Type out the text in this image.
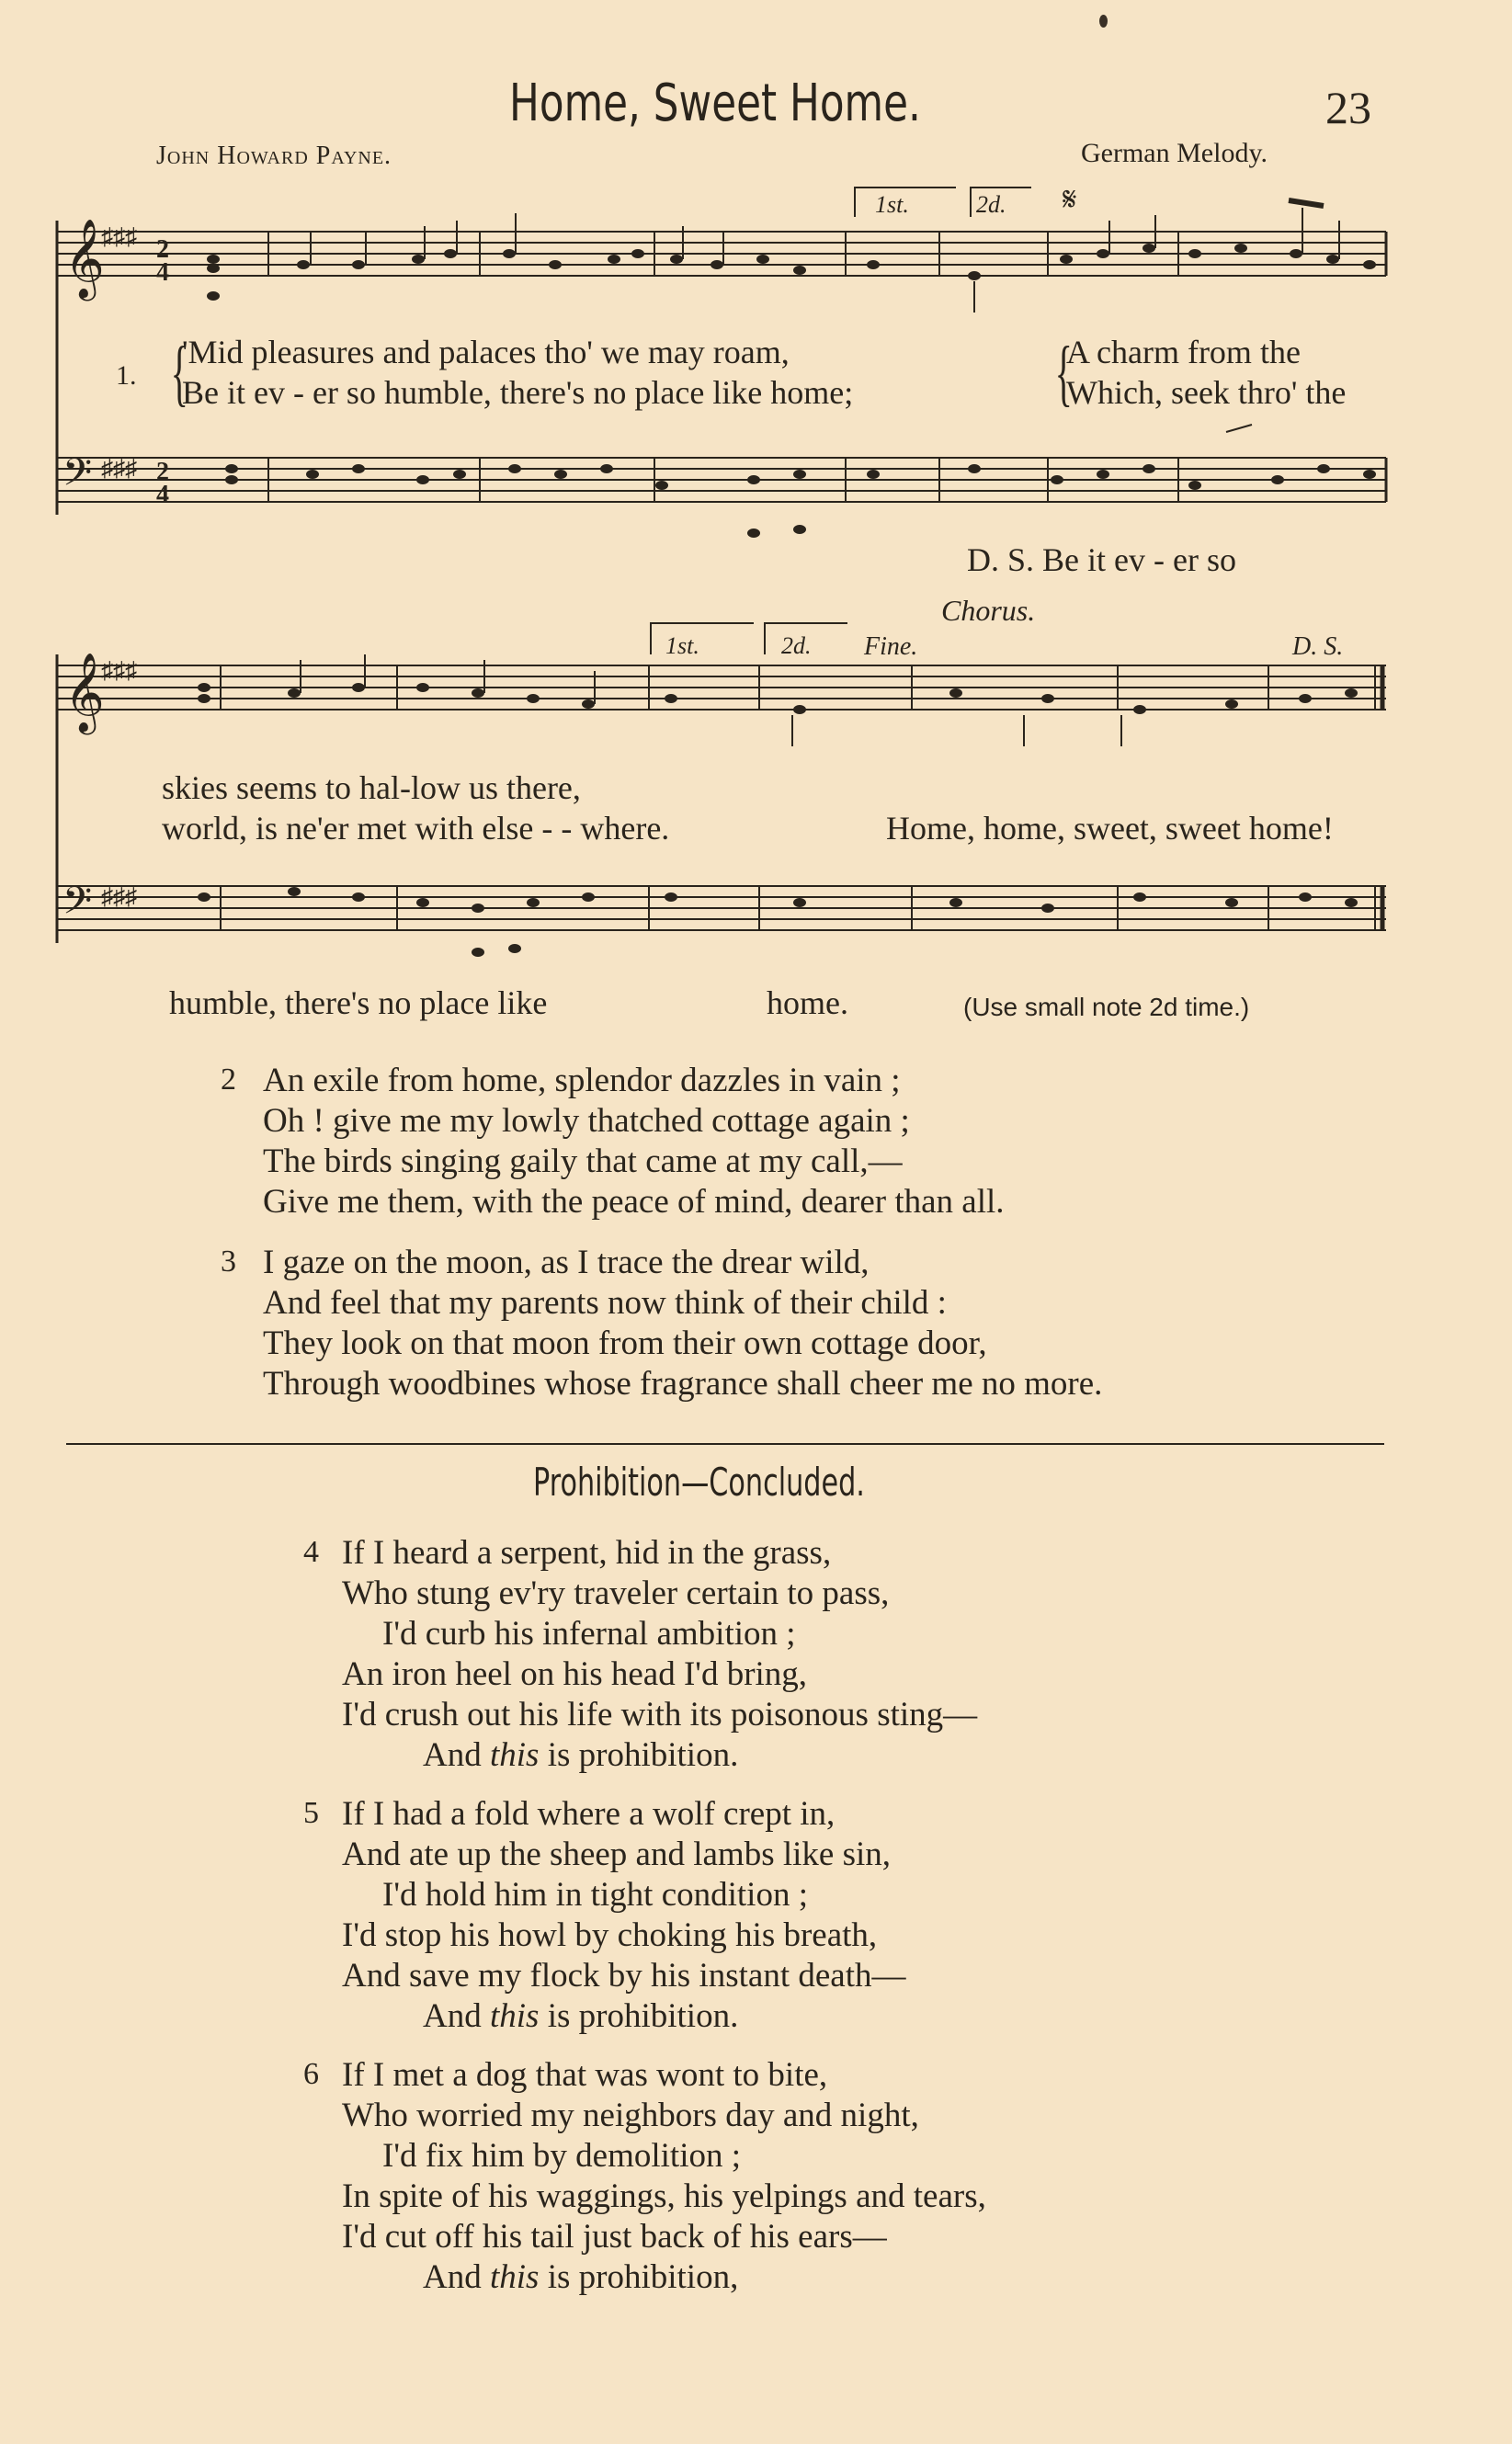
Home, Sweet Home.	23
John Howard Payne.	German Melody.
𝄞
♯♯♯ 2
4
𝄢 ♯♯♯ 2
4
1st.	2d. 𝄋
1. {
'Mid pleasures and palaces tho' we may roam,
Be it ev - er so humble, there's no place like home;	{
A charm from the
Which, seek thro' the
D. S. Be it ev - er so
𝄞
♯♯♯
𝄢 ♯♯♯
Chorus.
1st.	2d. Fine.	D. S.
skies seems to hal-low us there,
world, is ne'er met with else - - where.	Home, home, sweet, sweet home!
humble, there's no place like	home.	(Use small note 2d time.)
2 An exile from home, splendor dazzles in vain ;
Oh ! give me my lowly thatched cottage again ;
The birds singing gaily that came at my call,—
Give me them, with the peace of mind, dearer than all.
3 I gaze on the moon, as I trace the drear wild,
And feel that my parents now think of their child :
They look on that moon from their own cottage door,
Through woodbines whose fragrance shall cheer me no more.
Prohibition—Concluded.
4 If I heard a serpent, hid in the grass,
Who stung ev'ry traveler certain to pass,
I'd curb his infernal ambition ;
An iron heel on his head I'd bring,
I'd crush out his life with its poisonous sting—
And this is prohibition.
5 If I had a fold where a wolf crept in,
And ate up the sheep and lambs like sin,
I'd hold him in tight condition ;
I'd stop his howl by choking his breath,
And save my flock by his instant death—
And this is prohibition.
6 If I met a dog that was wont to bite,
Who worried my neighbors day and night,
I'd fix him by demolition ;
In spite of his waggings, his yelpings and tears,
I'd cut off his tail just back of his ears—
And this is prohibition,
